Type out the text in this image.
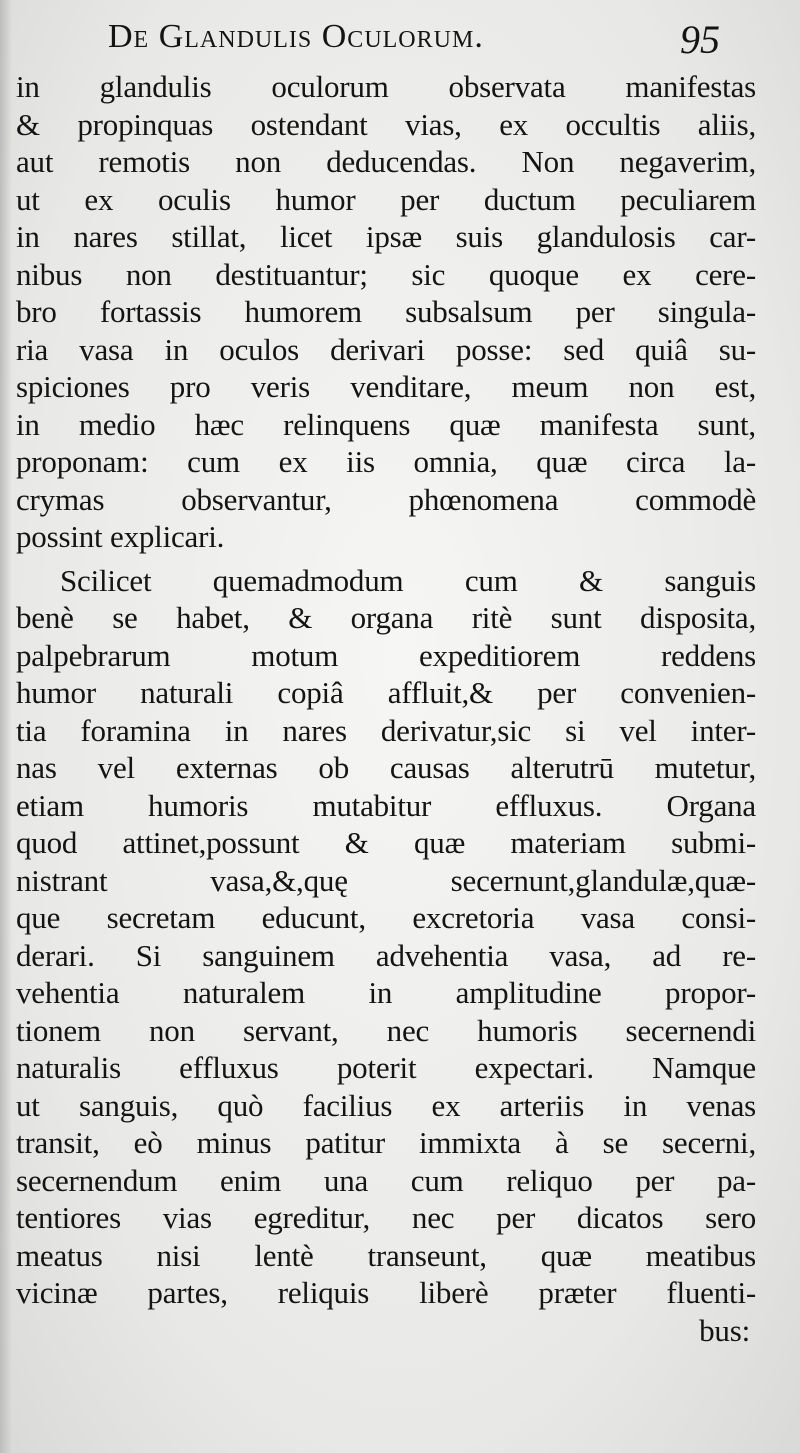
De Glandulis Oculorum.	95
in glandulis oculorum observata manifestas
& propinquas ostendant vias, ex occultis aliis,
aut remotis non deducendas. Non negaverim,
ut ex oculis humor per ductum peculiarem
in nares stillat, licet ipsæ suis glandulosis car-
nibus non destituantur; sic quoque ex cere-
bro fortassis humorem subsalsum per singula-
ria vasa in oculos derivari posse: sed quiâ su-
spiciones pro veris venditare, meum non est,
in medio hæc relinquens quæ manifesta sunt,
proponam: cum ex iis omnia, quæ circa la-
crymas observantur, phœnomena commodè
possint explicari.
Scilicet quemadmodum cum & sanguis
benè se habet, & organa ritè sunt disposita,
palpebrarum motum expeditiorem reddens
humor naturali copiâ affluit,& per convenien-
tia foramina in nares derivatur,sic si vel inter-
nas vel externas ob causas alterutrū mutetur,
etiam humoris mutabitur effluxus. Organa
quod attinet,possunt & quæ materiam submi-
nistrant vasa,&,quę secernunt,glandulæ,quæ-
que secretam educunt, excretoria vasa consi-
derari. Si sanguinem advehentia vasa, ad re-
vehentia naturalem in amplitudine propor-
tionem non servant, nec humoris secernendi
naturalis effluxus poterit expectari. Namque
ut sanguis, quò facilius ex arteriis in venas
transit, eò minus patitur immixta à se secerni,
secernendum enim una cum reliquo per pa-
tentiores vias egreditur, nec per dicatos sero
meatus nisi lentè transeunt, quæ meatibus
vicinæ partes, reliquis liberè præter fluenti-
bus:
